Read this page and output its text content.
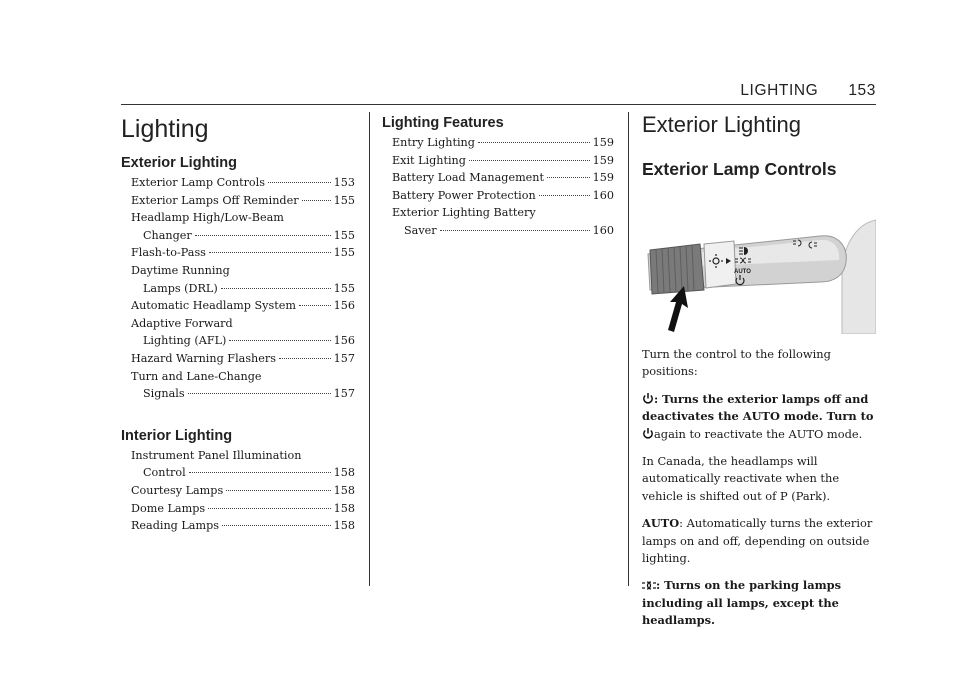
LIGHTING 153
Lighting
Exterior Lighting
Exterior Lamp Controls	153
Exterior Lamps Off Reminder	155
Headlamp High/Low-Beam
Changer	155
Flash-to-Pass	155
Daytime Running
Lamps (DRL)	155
Automatic Headlamp System	156
Adaptive Forward
Lighting (AFL)	156
Hazard Warning Flashers	157
Turn and Lane-Change
Signals	157
Interior Lighting
Instrument Panel Illumination
Control	158
Courtesy Lamps	158
Dome Lamps	158
Reading Lamps	158
Lighting Features
Entry Lighting	159
Exit Lighting	159
Battery Load Management	159
Battery Power Protection	160
Exterior Lighting Battery
Saver	160
Exterior Lighting
Exterior Lamp Controls
AUTO

Turn the control to the following positions:

: Turns the exterior lamps off and deactivates the AUTO mode. Turn to
again to reactivate the AUTO mode.

In Canada, the headlamps will automatically reactivate when the vehicle is shifted out of P (Park).

AUTO: Automatically turns the exterior lamps on and off, depending on outside lighting.

: Turns on the parking lamps including all lamps, except the headlamps.
